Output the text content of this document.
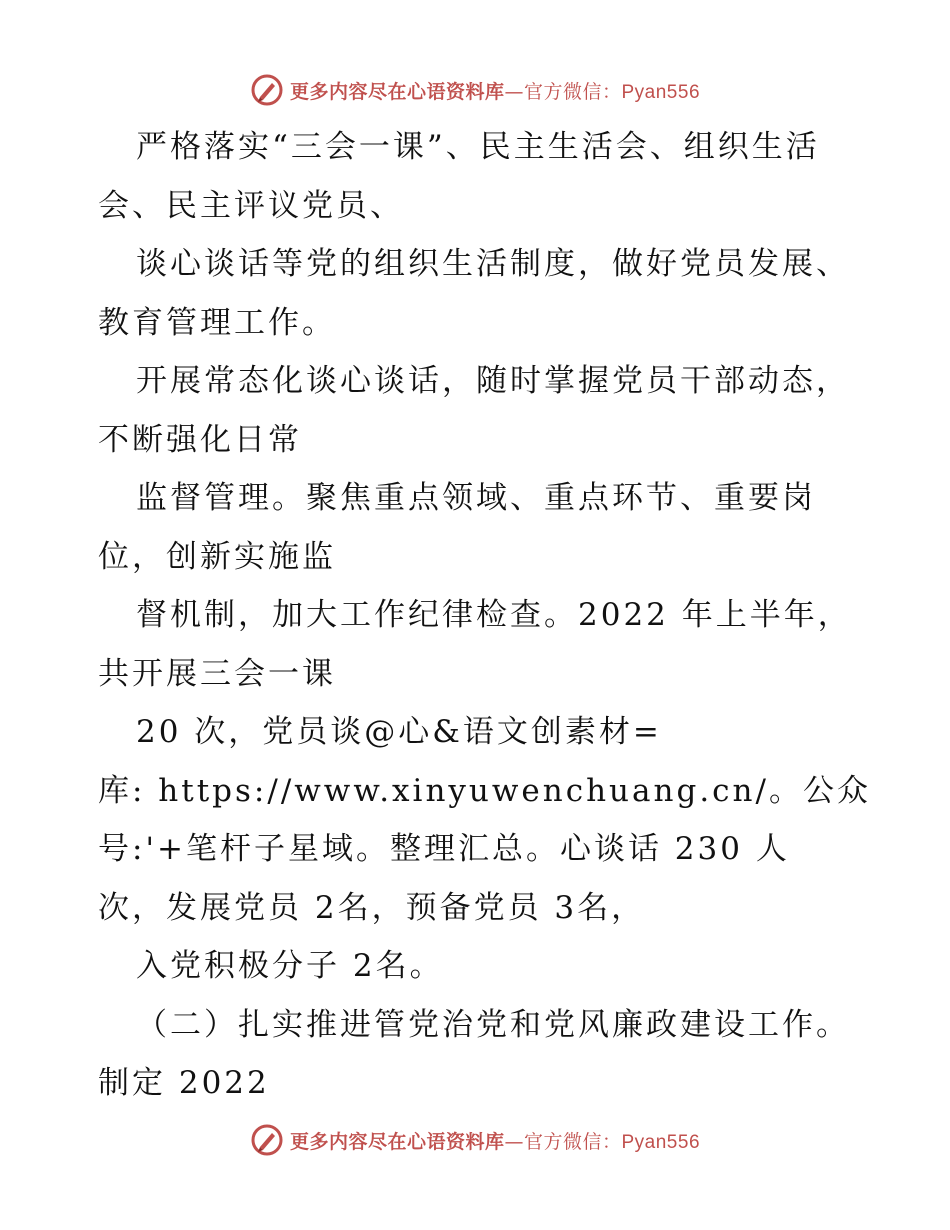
更多内容尽在心语资料库—官方微信：Pyan556
严格落实“三会一课”、民主生活会、组织生活
会、民主评议党员、
谈心谈话等党的组织生活制度，做好党员发展、
教育管理工作。
开展常态化谈心谈话，随时掌握党员干部动态，
不断强化日常
监督管理。聚焦重点领域、重点环节、重要岗
位，创新实施监
督机制，加大工作纪律检查。2022 年上半年，
共开展三会一课
20 次，党员谈@心&语文创素材=
库: https://www.xinyuwenchuang.cn/。公众
号:'+笔杆子星域。整理汇总。心谈话 230 人
次，发展党员 2名，预备党员 3名，
入党积极分子 2名。
（二）扎实推进管党治党和党风廉政建设工作。
制定 2022
更多内容尽在心语资料库—官方微信：Pyan556
